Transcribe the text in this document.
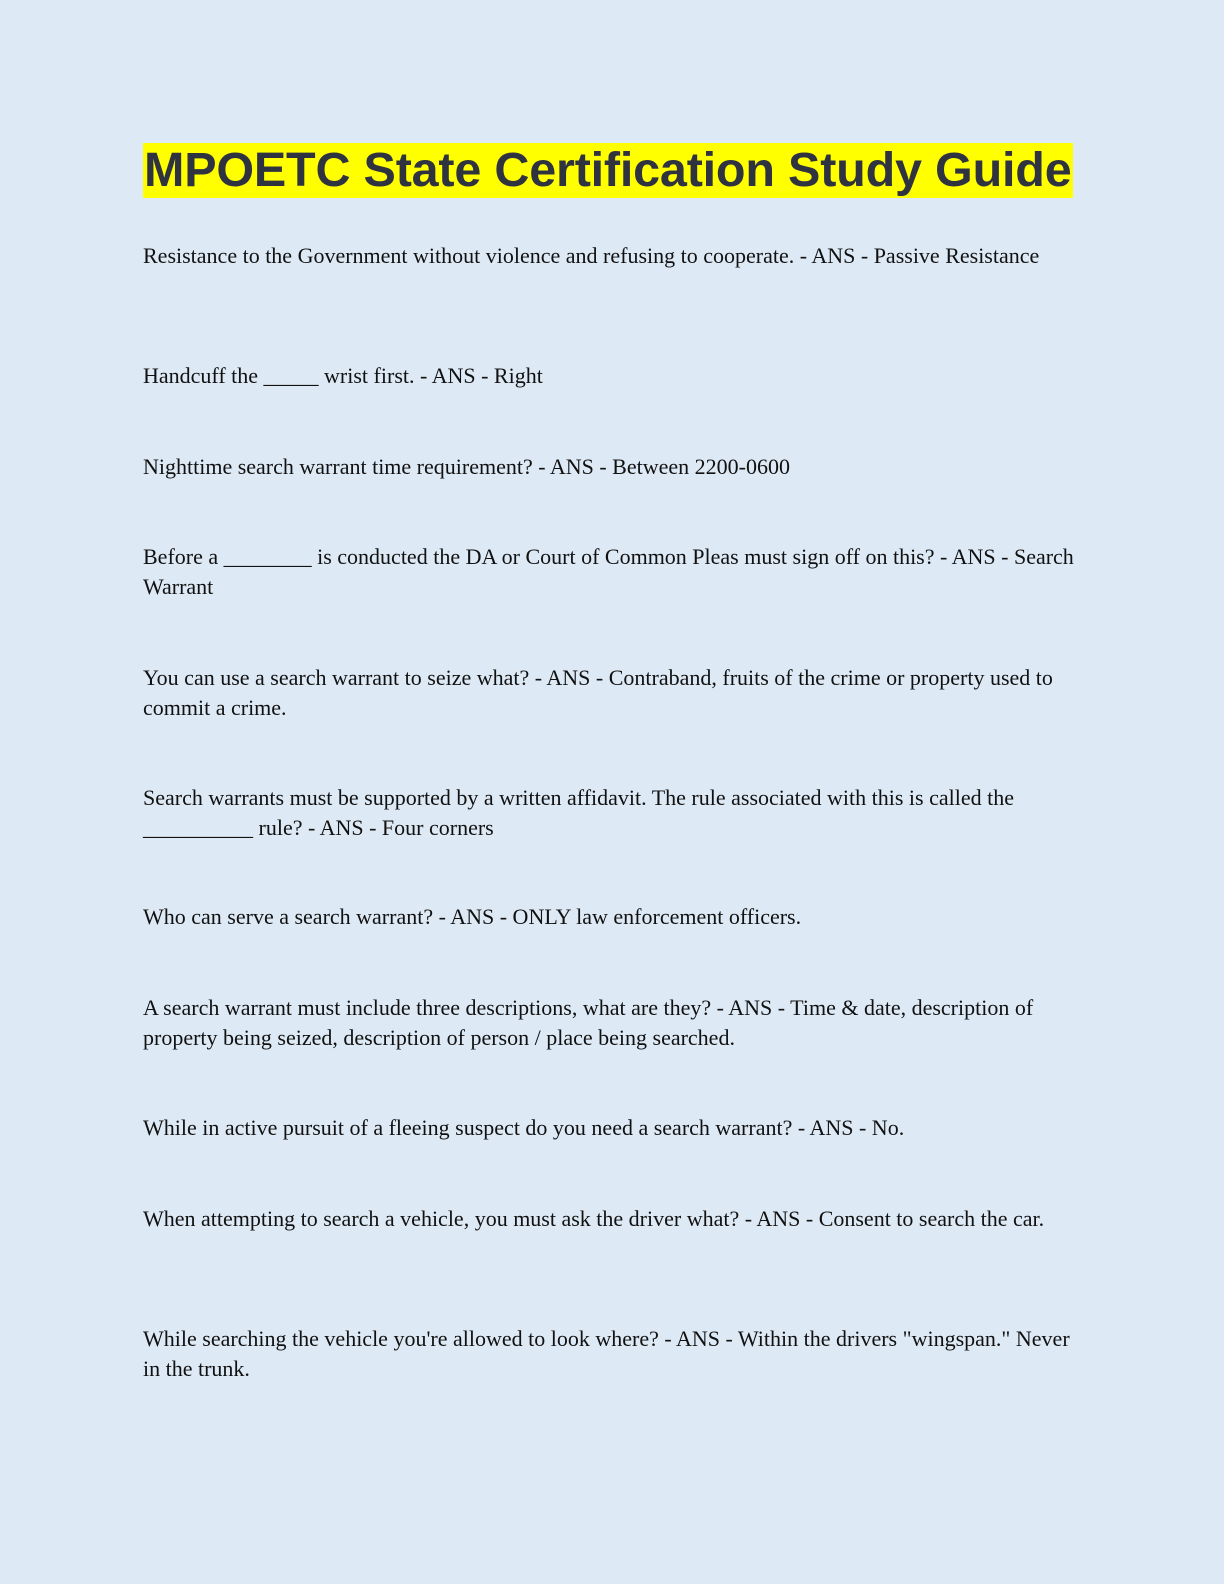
MPOETC State Certification Study Guide

Resistance to the Government without violence and refusing to cooperate. - ANS - Passive Resistance

Handcuff the _____ wrist first. - ANS - Right

Nighttime search warrant time requirement? - ANS - Between 2200-0600

Before a ________ is conducted the DA or Court of Common Pleas must sign off on this? - ANS - Search Warrant

You can use a search warrant to seize what? - ANS - Contraband, fruits of the crime or property used to commit a crime.

Search warrants must be supported by a written affidavit. The rule associated with this is called the __________ rule? - ANS - Four corners

Who can serve a search warrant? - ANS - ONLY law enforcement officers.

A search warrant must include three descriptions, what are they? - ANS - Time & date, description of property being seized, description of person / place being searched.

While in active pursuit of a fleeing suspect do you need a search warrant? - ANS - No.

When attempting to search a vehicle, you must ask the driver what? - ANS - Consent to search the car.

While searching the vehicle you're allowed to look where? - ANS - Within the drivers "wingspan." Never in the trunk.
